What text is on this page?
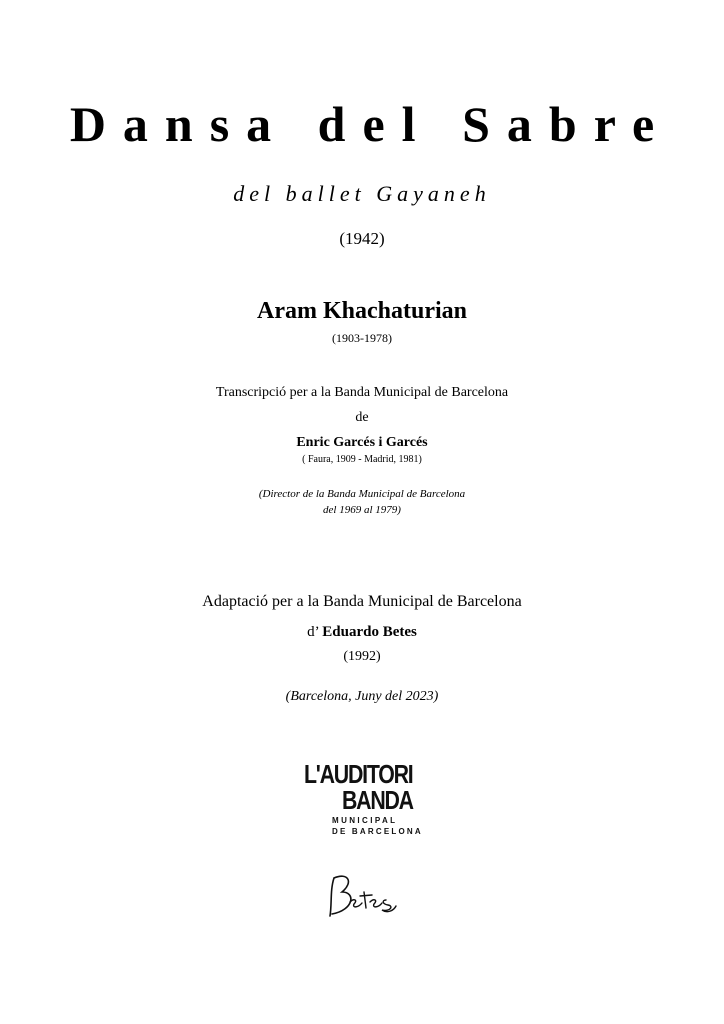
Dansa del Sabre
del ballet Gayaneh
(1942)
Aram Khachaturian
(1903-1978)
Transcripció per a la Banda Municipal de Barcelona
de
Enric Garcés i Garcés
( Faura, 1909 - Madrid, 1981)
(Director de la Banda Municipal de Barcelona
del 1969 al 1979)
Adaptació per a la Banda Municipal de Barcelona
d’ Eduardo Betes
(1992)
(Barcelona, Juny del 2023)
L'AUDITORI
BANDA
MUNICIPAL
DE BARCELONA
